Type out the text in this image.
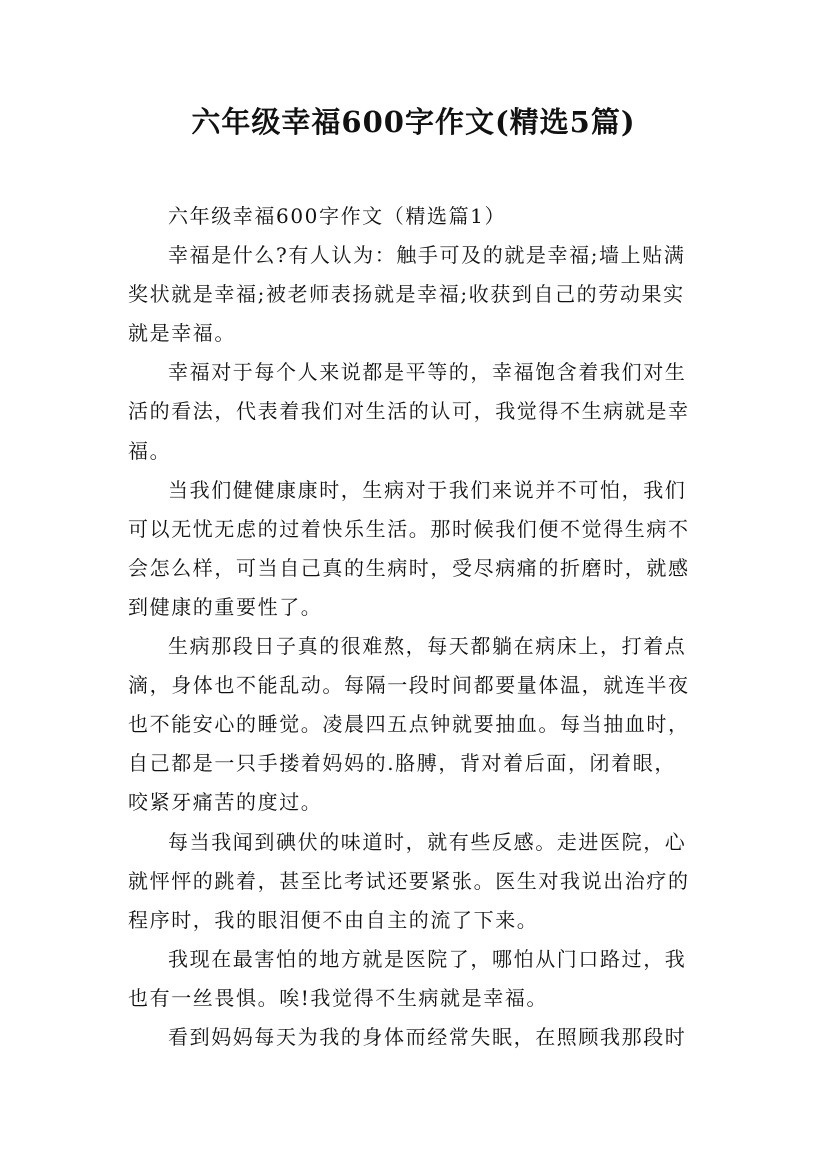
六年级幸福600字作文(精选5篇)
六年级幸福600字作文（精选篇1）
幸福是什么?有人认为：触手可及的就是幸福;墙上贴满
奖状就是幸福;被老师表扬就是幸福;收获到自己的劳动果实
就是幸福。
幸福对于每个人来说都是平等的，幸福饱含着我们对生
活的看法，代表着我们对生活的认可，我觉得不生病就是幸
福。
当我们健健康康时，生病对于我们来说并不可怕，我们
可以无忧无虑的过着快乐生活。那时候我们便不觉得生病不
会怎么样，可当自己真的生病时，受尽病痛的折磨时，就感
到健康的重要性了。
生病那段日子真的很难熬，每天都躺在病床上，打着点
滴，身体也不能乱动。每隔一段时间都要量体温，就连半夜
也不能安心的睡觉。凌晨四五点钟就要抽血。每当抽血时，
自己都是一只手搂着妈妈的.胳膊，背对着后面，闭着眼，
咬紧牙痛苦的度过。
每当我闻到碘伏的味道时，就有些反感。走进医院，心
就怦怦的跳着，甚至比考试还要紧张。医生对我说出治疗的
程序时，我的眼泪便不由自主的流了下来。
我现在最害怕的地方就是医院了，哪怕从门口路过，我
也有一丝畏惧。唉!我觉得不生病就是幸福。
看到妈妈每天为我的身体而经常失眠，在照顾我那段时
